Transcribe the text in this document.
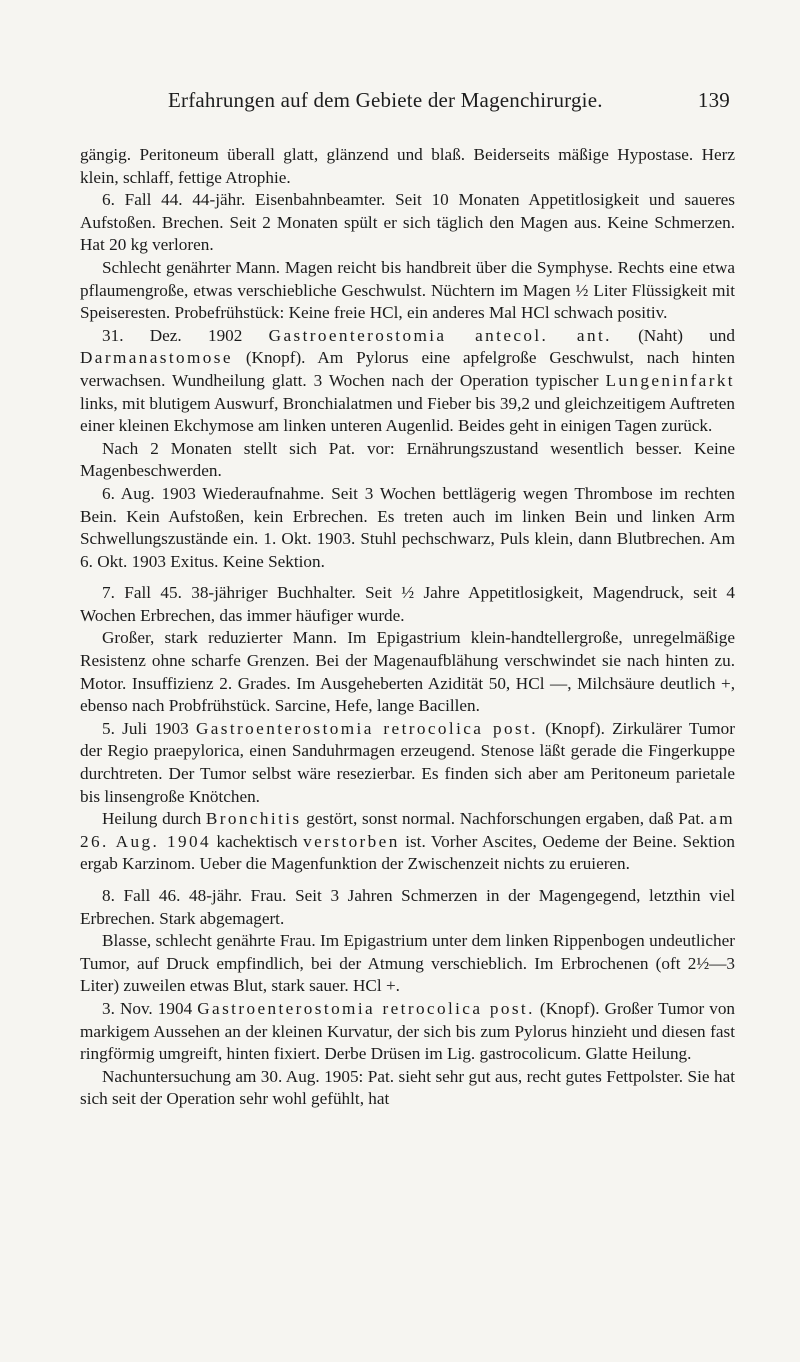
Erfahrungen auf dem Gebiete der Magenchirurgie.	139

gängig. Peritoneum überall glatt, glänzend und blaß. Beiderseits mäßige Hypostase. Herz klein, schlaff, fettige Atrophie.

6. Fall 44. 44-jähr. Eisenbahnbeamter. Seit 10 Monaten Appetitlosigkeit und saueres Aufstoßen. Brechen. Seit 2 Monaten spült er sich täglich den Magen aus. Keine Schmerzen. Hat 20 kg verloren.

Schlecht genährter Mann. Magen reicht bis handbreit über die Symphyse. Rechts eine etwa pflaumengroße, etwas verschiebliche Geschwulst. Nüchtern im Magen ½ Liter Flüssigkeit mit Speiseresten. Probefrühstück: Keine freie HCl, ein anderes Mal HCl schwach positiv.

31. Dez. 1902 Gastroenterostomia antecol. ant. (Naht) und Darmanastomose (Knopf). Am Pylorus eine apfelgroße Geschwulst, nach hinten verwachsen. Wundheilung glatt. 3 Wochen nach der Operation typischer Lungeninfarkt links, mit blutigem Auswurf, Bronchialatmen und Fieber bis 39,2 und gleichzeitigem Auftreten einer kleinen Ekchymose am linken unteren Augenlid. Beides geht in einigen Tagen zurück.

Nach 2 Monaten stellt sich Pat. vor: Ernährungszustand wesentlich besser. Keine Magenbeschwerden.

6. Aug. 1903 Wiederaufnahme. Seit 3 Wochen bettlägerig wegen Thrombose im rechten Bein. Kein Aufstoßen, kein Erbrechen. Es treten auch im linken Bein und linken Arm Schwellungszustände ein. 1. Okt. 1903. Stuhl pechschwarz, Puls klein, dann Blutbrechen. Am 6. Okt. 1903 Exitus. Keine Sektion.

7. Fall 45. 38-jähriger Buchhalter. Seit ½ Jahre Appetitlosigkeit, Magendruck, seit 4 Wochen Erbrechen, das immer häufiger wurde.

Großer, stark reduzierter Mann. Im Epigastrium klein-handtellergroße, unregelmäßige Resistenz ohne scharfe Grenzen. Bei der Magenaufblähung verschwindet sie nach hinten zu. Motor. Insuffizienz 2. Grades. Im Ausgeheberten Azidität 50, HCl —, Milchsäure deutlich +, ebenso nach Probfrühstück. Sarcine, Hefe, lange Bacillen.

5. Juli 1903 Gastroenterostomia retrocolica post. (Knopf). Zirkulärer Tumor der Regio praepylorica, einen Sanduhrmagen erzeugend. Stenose läßt gerade die Fingerkuppe durchtreten. Der Tumor selbst wäre resezierbar. Es finden sich aber am Peritoneum parietale bis linsengroße Knötchen.

Heilung durch Bronchitis gestört, sonst normal. Nachforschungen ergaben, daß Pat. am 26. Aug. 1904 kachektisch verstorben ist. Vorher Ascites, Oedeme der Beine. Sektion ergab Karzinom. Ueber die Magenfunktion der Zwischenzeit nichts zu eruieren.

8. Fall 46. 48-jähr. Frau. Seit 3 Jahren Schmerzen in der Magengegend, letzthin viel Erbrechen. Stark abgemagert.

Blasse, schlecht genährte Frau. Im Epigastrium unter dem linken Rippenbogen undeutlicher Tumor, auf Druck empfindlich, bei der Atmung verschieblich. Im Erbrochenen (oft 2½—3 Liter) zuweilen etwas Blut, stark sauer. HCl +.

3. Nov. 1904 Gastroenterostomia retrocolica post. (Knopf). Großer Tumor von markigem Aussehen an der kleinen Kurvatur, der sich bis zum Pylorus hinzieht und diesen fast ringförmig umgreift, hinten fixiert. Derbe Drüsen im Lig. gastrocolicum. Glatte Heilung.

Nachuntersuchung am 30. Aug. 1905: Pat. sieht sehr gut aus, recht gutes Fettpolster. Sie hat sich seit der Operation sehr wohl gefühlt, hat
